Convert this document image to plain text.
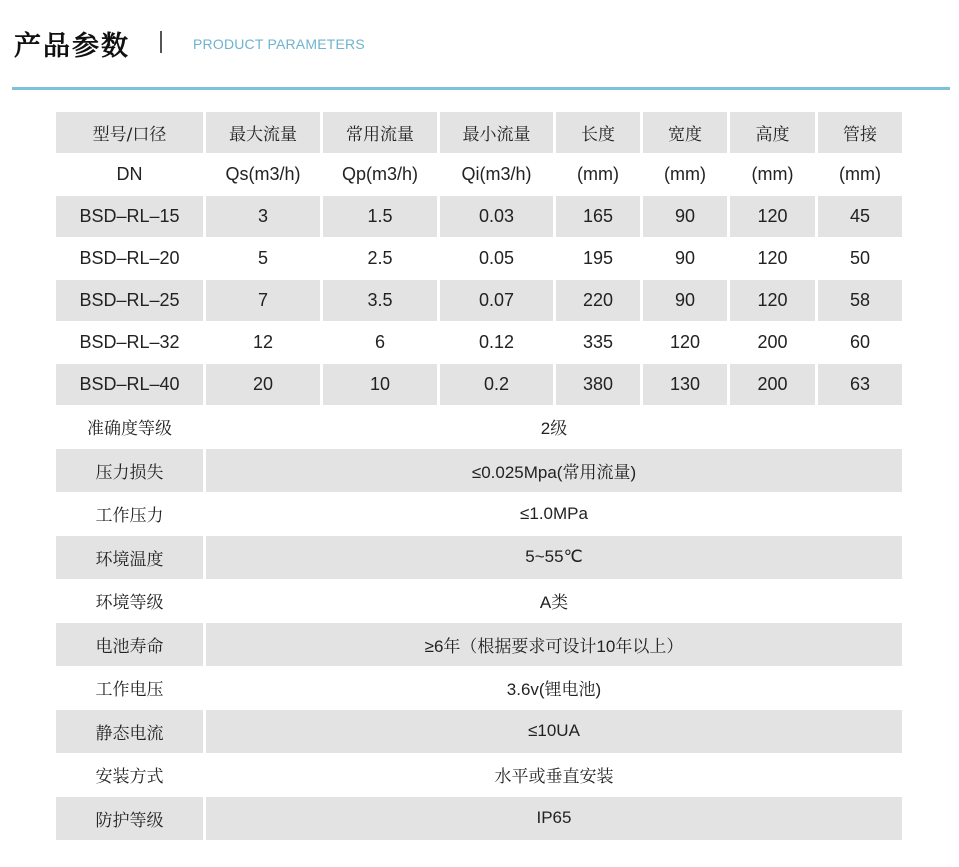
产品参数	PRODUCT PARAMETERS
型号/口径	最大流量	常用流量	最小流量	长度	宽度	高度	管接
DN	Qs(m3/h)	Qp(m3/h)	Qi(m3/h)	(mm)	(mm)	(mm)	(mm)
BSD–RL–15	3	1.5	0.03	165	90	120	45
BSD–RL–20	5	2.5	0.05	195	90	120	50
BSD–RL–25	7	3.5	0.07	220	90	120	58
BSD–RL–32	12	6	0.12	335	120	200	60
BSD–RL–40	20	10	0.2	380	130	200	63
准确度等级	2级						
压力损失	≤0.025Mpa(常用流量)						
工作压力	≤1.0MPa						
环境温度	5~55℃						
环境等级	A类						
电池寿命	≥6年（根据要求可设计10年以上）						
工作电压	3.6v(锂电池)						
静态电流	≤10UA						
安装方式	水平或垂直安装						
防护等级	IP65						
